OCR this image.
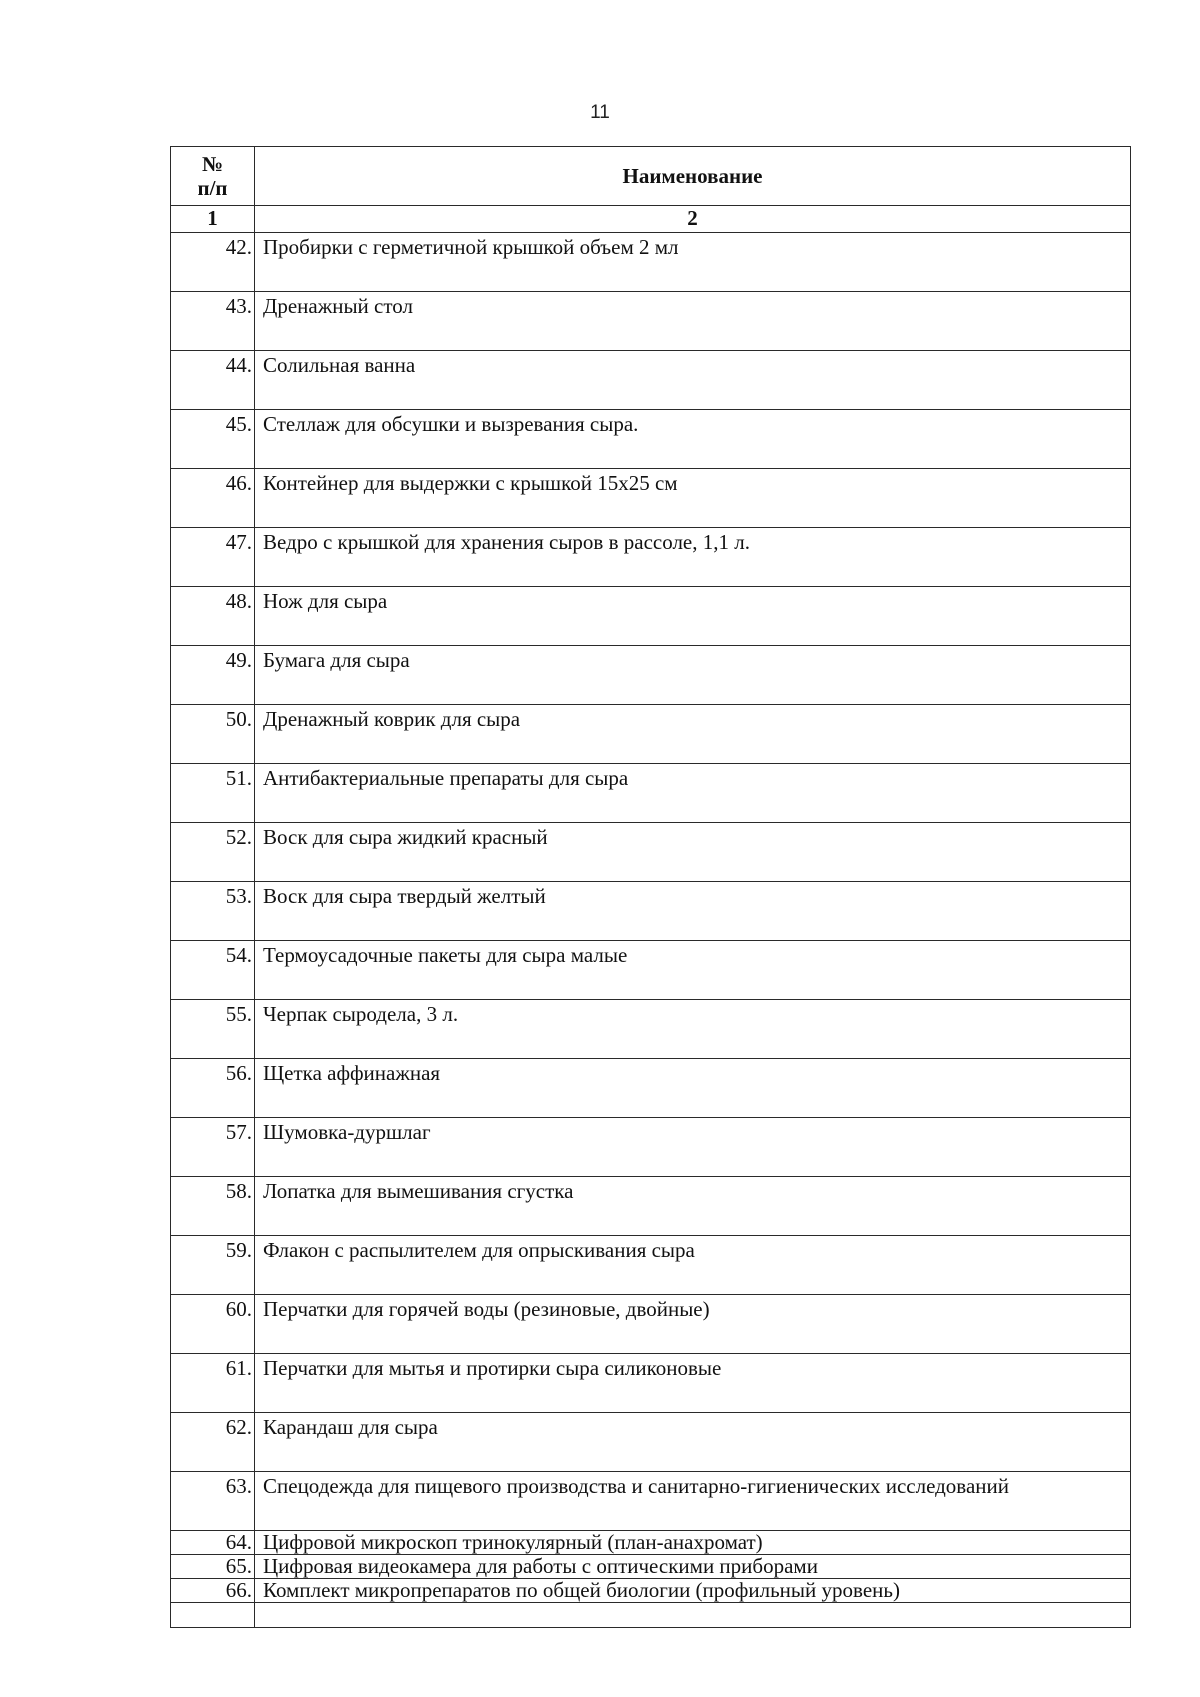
11
№
п/п	Наименование
1	2
42.	Пробирки с герметичной крышкой объем 2 мл
43.	Дренажный стол
44.	Солильная ванна
45.	Стеллаж для обсушки и вызревания сыра.
46.	Контейнер для выдержки с крышкой 15х25 см
47.	Ведро с крышкой для хранения сыров в рассоле, 1,1 л.
48.	Нож для сыра
49.	Бумага для сыра
50.	Дренажный коврик для сыра
51.	Антибактериальные препараты для сыра
52.	Воск для сыра жидкий красный
53.	Воск для сыра твердый желтый
54.	Термоусадочные пакеты для сыра малые
55.	Черпак сыродела, 3 л.
56.	Щетка аффинажная
57.	Шумовка-дуршлаг
58.	Лопатка для вымешивания сгустка
59.	Флакон с распылителем для опрыскивания сыра
60.	Перчатки для горячей воды (резиновые, двойные)
61.	Перчатки для мытья и протирки сыра силиконовые
62.	Карандаш для сыра
63.	Спецодежда для пищевого производства и санитарно-гигиенических исследований
64.	Цифровой микроскоп тринокулярный (план-анахромат)
65.	Цифровая видеокамера для работы с оптическими приборами
66.	Комплект микропрепаратов по общей биологии (профильный уровень)
